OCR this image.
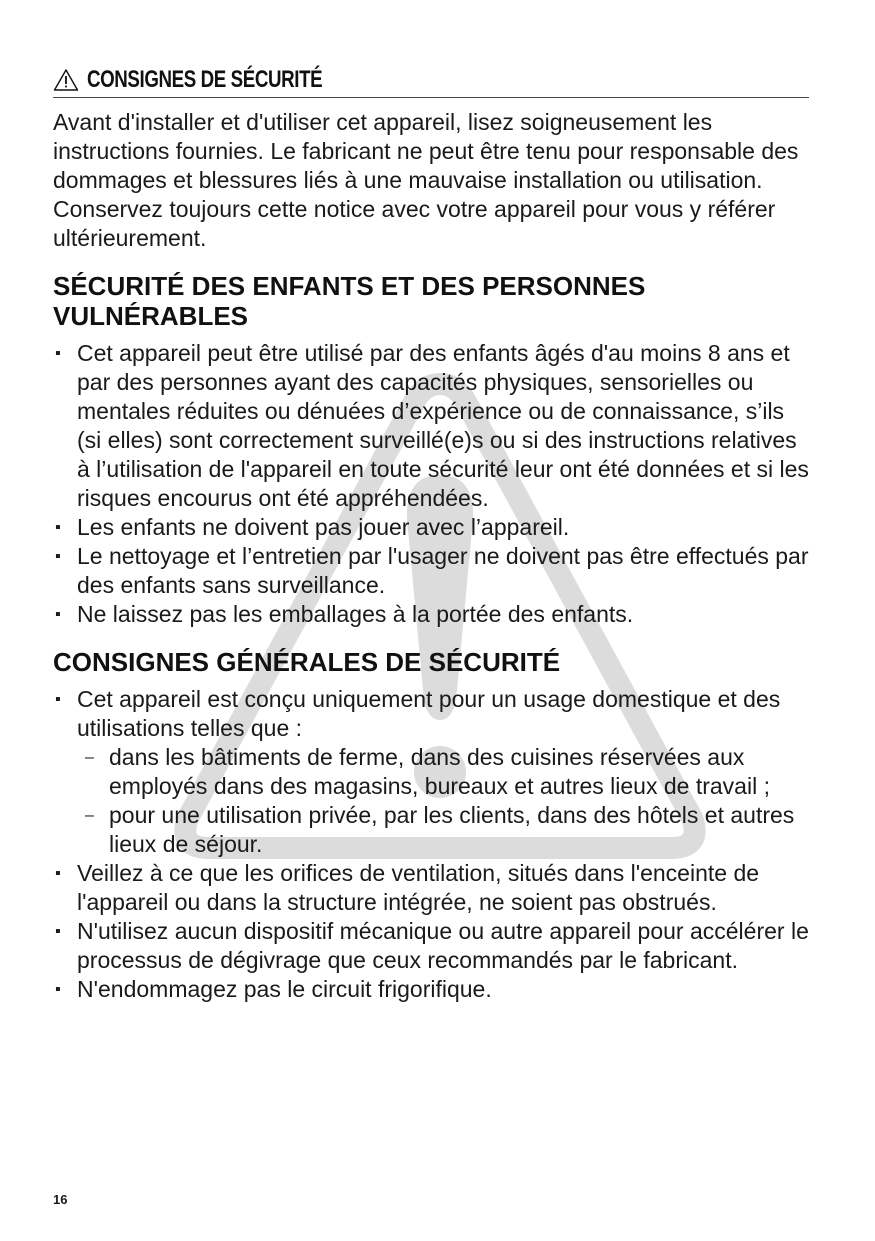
CONSIGNES DE SÉCURITÉ

Avant d'installer et d'utiliser cet appareil, lisez soigneusement les instructions fournies. Le fabricant ne peut être tenu pour responsable des dommages et blessures liés à une mauvaise installation ou utilisation. Conservez toujours cette notice avec votre appareil pour vous y référer ultérieurement.

SÉCURITÉ DES ENFANTS ET DES PERSONNES VULNÉRABLES
▪ Cet appareil peut être utilisé par des enfants âgés d'au moins 8 ans et par des personnes ayant des capacités physiques, sensorielles ou mentales réduites ou dénuées d’expérience ou de connaissance, s’ils (si elles) sont correctement surveillé(e)s ou si des instructions relatives à l’utilisation de l'appareil en toute sécurité leur ont été données et si les risques encourus ont été appréhendées.
▪ Les enfants ne doivent pas jouer avec l’appareil.
▪ Le nettoyage et l’entretien par l'usager ne doivent pas être effectués par des enfants sans surveillance.
▪ Ne laissez pas les emballages à la portée des enfants.
CONSIGNES GÉNÉRALES DE SÉCURITÉ
▪ Cet appareil est conçu uniquement pour un usage domestique et des utilisations telles que :
– dans les bâtiments de ferme, dans des cuisines réservées aux employés dans des magasins, bureaux et autres lieux de travail ;
– pour une utilisation privée, par les clients, dans des hôtels et autres lieux de séjour.
▪ Veillez à ce que les orifices de ventilation, situés dans l'enceinte de l'appareil ou dans la structure intégrée, ne soient pas obstrués.
▪ N'utilisez aucun dispositif mécanique ou autre appareil pour accélérer le processus de dégivrage que ceux recommandés par le fabricant.
▪ N'endommagez pas le circuit frigorifique.
16
